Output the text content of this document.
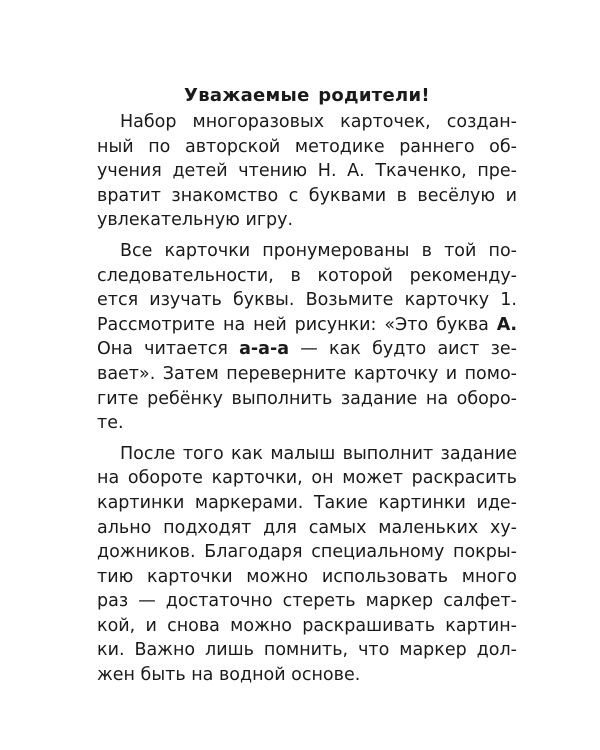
Уважаемые родители!
Набор многоразовых карточек, создан-
ный по авторской методике раннего об-
учения детей чтению Н. А. Ткаченко, пре-
вратит знакомство с буквами в весёлую и
увлекательную игру.
Все карточки пронумерованы в той по-
следовательности, в которой рекоменду-
ется изучать буквы. Возьмите карточку 1.
Рассмотрите на ней рисунки: «Это буква А.
Она читается а-а-а — как будто аист зе-
вает». Затем переверните карточку и помо-
гите ребёнку выполнить задание на оборо-
те.
После того как малыш выполнит задание
на обороте карточки, он может раскрасить
картинки маркерами. Такие картинки иде-
ально подходят для самых маленьких ху-
дожников. Благодаря специальному покры-
тию карточки можно использовать много
раз — достаточно стереть маркер салфет-
кой, и снова можно раскрашивать картин-
ки. Важно лишь помнить, что маркер дол-
жен быть на водной основе.
